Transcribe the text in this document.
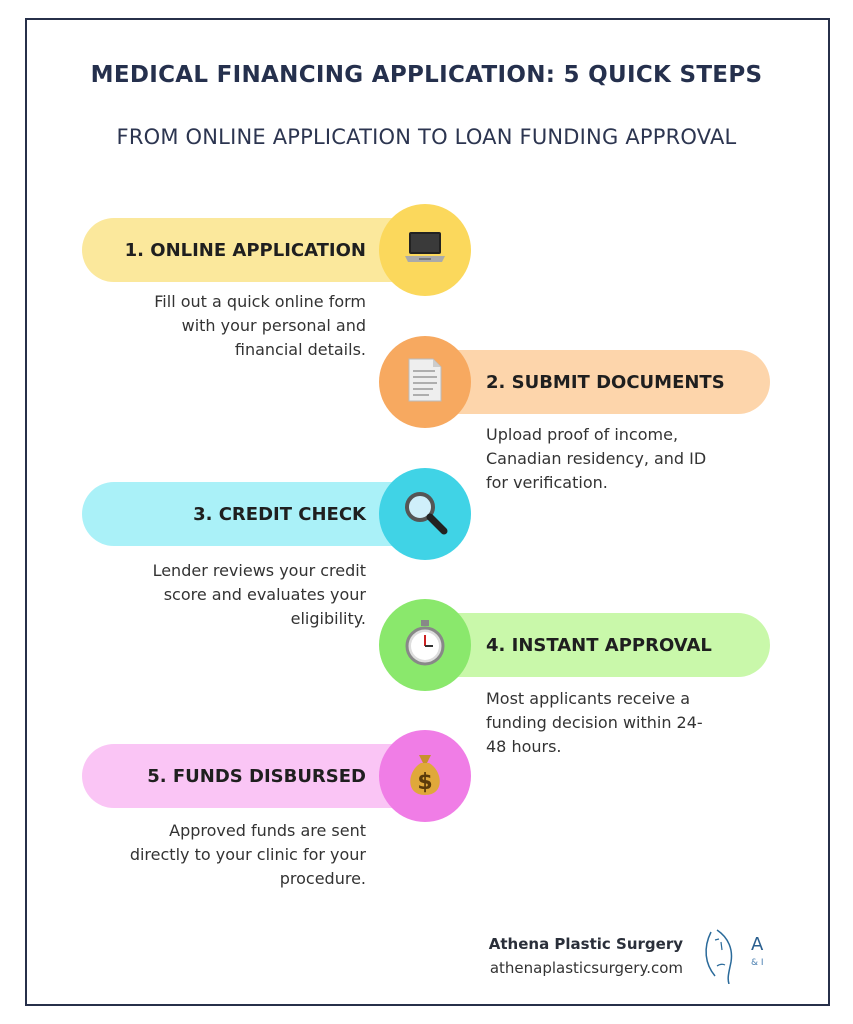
MEDICAL FINANCING APPLICATION: 5 QUICK STEPS
FROM ONLINE APPLICATION TO LOAN FUNDING APPROVAL
1. ONLINE APPLICATION
Fill out a quick online form
with your personal and
financial details.
2. SUBMIT DOCUMENTS
Upload proof of income,
Canadian residency, and ID
for verification.
3. CREDIT CHECK
Lender reviews your credit
score and evaluates your
eligibility.
4. INSTANT APPROVAL
Most applicants receive a
funding decision within 24-
48 hours.
5. FUNDS DISBURSED $
Approved funds are sent
directly to your clinic for your
procedure.
Athena Plastic Surgery
athenaplasticsurgery.com
A
& I
